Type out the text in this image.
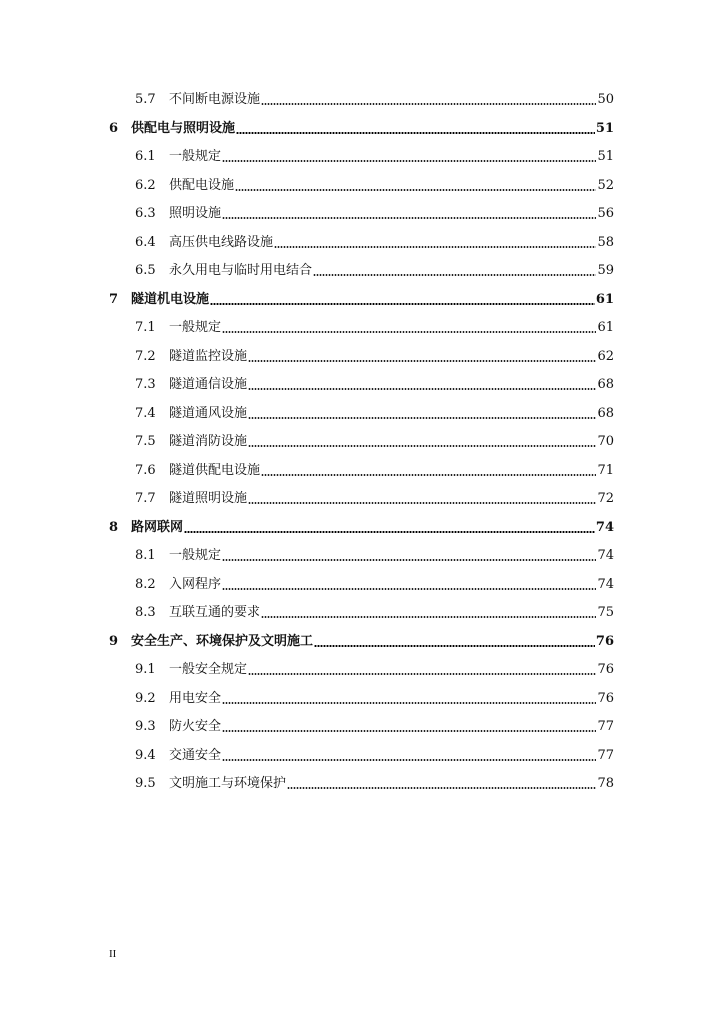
5.7	不间断电源设施	50
6 供配电与照明设施	51
6.1	一般规定	51
6.2	供配电设施	52
6.3	照明设施	56
6.4	高压供电线路设施	58
6.5	永久用电与临时用电结合	59
7 隧道机电设施	61
7.1	一般规定	61
7.2	隧道监控设施	62
7.3	隧道通信设施	68
7.4	隧道通风设施	68
7.5	隧道消防设施	70
7.6	隧道供配电设施	71
7.7	隧道照明设施	72
8 路网联网	74
8.1	一般规定	74
8.2	入网程序	74
8.3	互联互通的要求	75
9 安全生产、环境保护及文明施工	76
9.1	一般安全规定	76
9.2	用电安全	76
9.3	防火安全	77
9.4	交通安全	77
9.5	文明施工与环境保护	78
II
